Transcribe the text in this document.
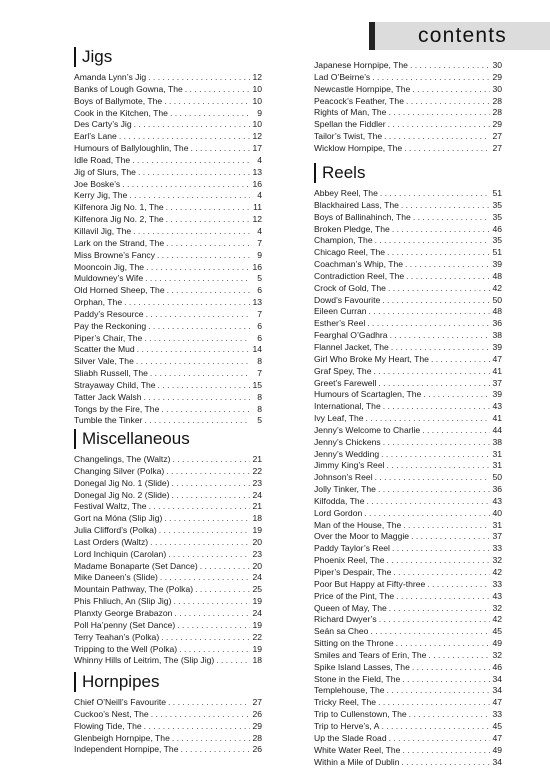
contents
Jigs
Amanda Lynn’s Jig . . .	12
Banks of Lough Gowna, The . . .	10
Boys of Ballymote, The . . .	10
Cook in the Kitchen, The . . .	9
Des Carty’s Jig . . .	10
Earl’s Lane . . .	12
Humours of Ballyloughlin, The . . .	17
Idle Road, The . . .	4
Jig of Slurs, The . . .	13
Joe Boske’s . . .	16
Kerry Jig, The . . .	4
Kilfenora Jig No. 1, The . . .	11
Kilfenora Jig No. 2, The . . .	12
Killavil Jig, The . . .	4
Lark on the Strand, The . . .	7
Miss Browne’s Fancy . . .	9
Mooncoin Jig, The . . .	16
Muldowney’s Wife . . .	5
Old Horned Sheep, The . . .	6
Orphan, The . . .	13
Paddy’s Resource . . .	7
Pay the Reckoning . . .	6
Piper’s Chair, The . . .	6
Scatter the Mud . . .	14
Silver Vale, The . . .	8
Sliabh Russell, The . . .	7
Strayaway Child, The . . .	15
Tatter Jack Walsh . . .	8
Tongs by the Fire, The . . .	8
Tumble the Tinker . . .	5
Miscellaneous
Changelings, The (Waltz) . . .	21
Changing Silver (Polka) . . .	22
Donegal Jig No. 1 (Slide) . . .	23
Donegal Jig No. 2 (Slide) . . .	24
Festival Waltz, The . . .	21
Gort na Móna (Slip Jig) . . .	18
Julia Clifford’s (Polka) . . .	19
Last Orders (Waltz) . . .	20
Lord Inchiquin (Carolan) . . .	23
Madame Bonaparte (Set Dance) . . .	20
Mike Daneen’s (Slide) . . .	24
Mountain Pathway, The (Polka) . . .	25
Phis Fhliuch, An (Slip Jig) . . .	19
Planxty George Brabazon . . .	24
Poll Ha’penny (Set Dance) . . .	19
Terry Teahan’s (Polka) . . .	22
Tripping to the Well (Polka) . . .	19
Whinny Hills of Leitrim, The (Slip Jig) . . .	18
Hornpipes
Chief O’Neill’s Favourite . . .	27
Cuckoo’s Nest, The . . .	26
Flowing Tide, The . . .	29
Glenbeigh Hornpipe, The . . .	28
Independent Hornpipe, The . . .	26
Japanese Hornpipe, The . . .	30
Lad O’Beirne’s . . .	29
Newcastle Hornpipe, The . . .	30
Peacock’s Feather, The . . .	28
Rights of Man, The . . .	28
Spellan the Fiddler . . .	29
Tailor’s Twist, The . . .	27
Wicklow Hornpipe, The . . .	27
Reels
Abbey Reel, The . . .	51
Blackhaired Lass, The . . .	35
Boys of Ballinahinch, The . . .	35
Broken Pledge, The . . .	46
Champion, The . . .	35
Chicago Reel, The . . .	51
Coachman’s Whip, The . . .	39
Contradiction Reel, The . . .	48
Crock of Gold, The . . .	42
Dowd’s Favourite . . .	50
Eileen Curran . . .	48
Esther’s Reel . . .	36
Fearghal O’Gadhra . . .	38
Flannel Jacket, The . . .	39
Girl Who Broke My Heart, The . . .	47
Graf Spey, The . . .	41
Greet’s Farewell . . .	37
Humours of Scartaglen, The . . .	39
International, The . . .	43
Ivy Leaf, The . . .	41
Jenny’s Welcome to Charlie . . .	44
Jenny’s Chickens . . .	38
Jenny’s Wedding . . .	31
Jimmy King’s Reel . . .	31
Johnson’s Reel . . .	50
Jolly Tinker, The . . .	36
Kilfodda, The . . .	43
Lord Gordon . . .	40
Man of the House, The . . .	31
Over the Moor to Maggie . . .	37
Paddy Taylor’s Reel . . .	33
Phoenix Reel, The . . .	32
Piper’s Despair, The . . .	42
Poor But Happy at Fifty-three . . .	33
Price of the Pint, The . . .	43
Queen of May, The . . .	32
Richard Dwyer’s . . .	42
Seán sa Cheo . . .	45
Sitting on the Throne . . .	49
Smiles and Tears of Erin, The . . .	32
Spike Island Lasses, The . . .	46
Stone in the Field, The . . .	34
Templehouse, The . . .	34
Tricky Reel, The . . .	47
Trip to Cullenstown, The . . .	33
Trip to Herve’s, A . . .	45
Up the Slade Road . . .	47
White Water Reel, The . . .	49
Within a Mile of Dublin . . .	34
